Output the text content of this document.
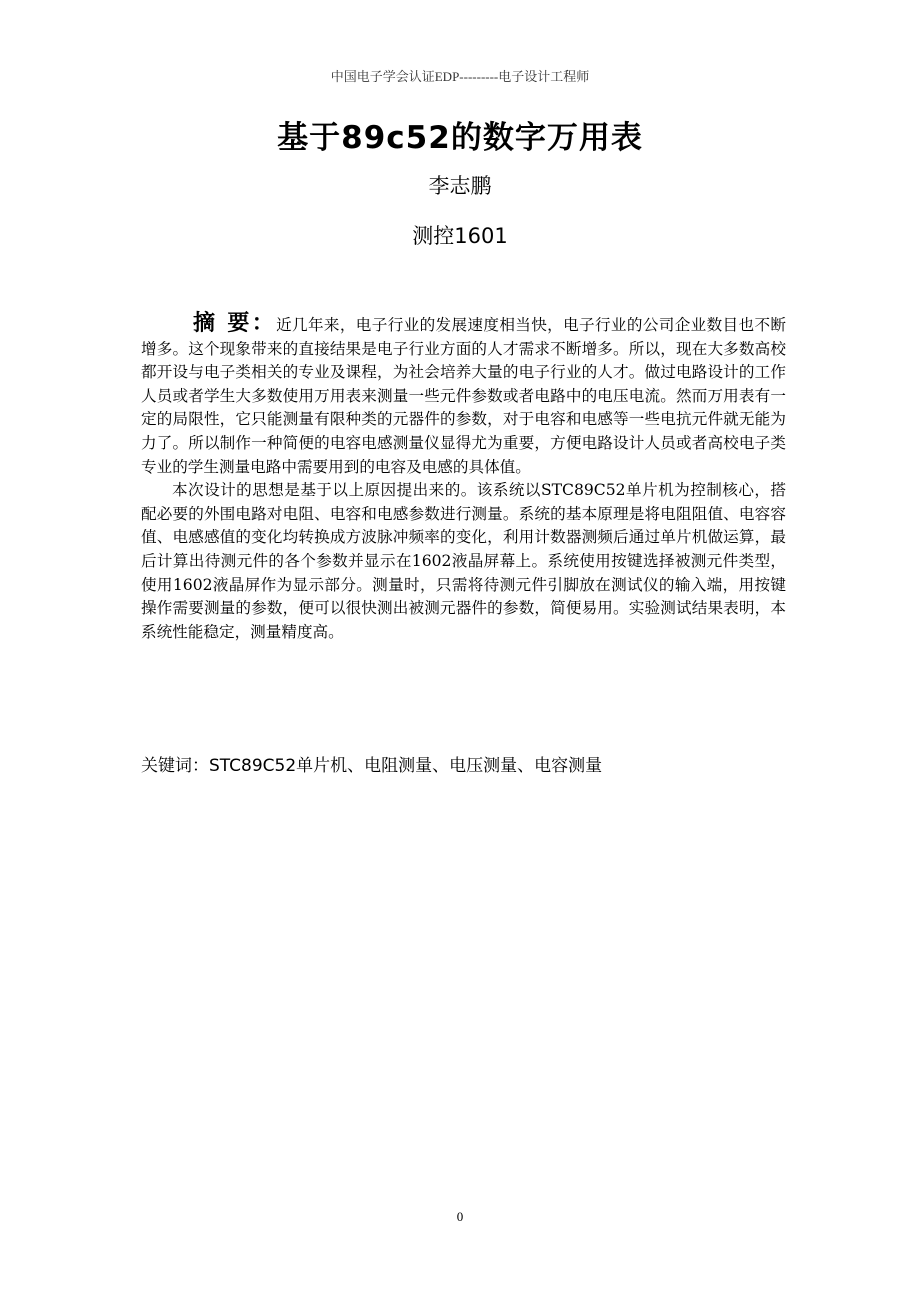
中国电子学会认证EDP---------电子设计工程师
基于89c52的数字万用表
李志鹏
测控1601

摘 要：近几年来，电子行业的发展速度相当快，电子行业的公司企业数目也不断增多。这个现象带来的直接结果是电子行业方面的人才需求不断增多。所以，现在大多数高校都开设与电子类相关的专业及课程，为社会培养大量的电子行业的人才。做过电路设计的工作人员或者学生大多数使用万用表来测量一些元件参数或者电路中的电压电流。然而万用表有一定的局限性，它只能测量有限种类的元器件的参数，对于电容和电感等一些电抗元件就无能为力了。所以制作一种简便的电容电感测量仪显得尤为重要，方便电路设计人员或者高校电子类专业的学生测量电路中需要用到的电容及电感的具体值。

本次设计的思想是基于以上原因提出来的。该系统以STC89C52单片机为控制核心，搭配必要的外围电路对电阻、电容和电感参数进行测量。系统的基本原理是将电阻阻值、电容容值、电感感值的变化均转换成方波脉冲频率的变化，利用计数器测频后通过单片机做运算，最后计算出待测元件的各个参数并显示在1602液晶屏幕上。系统使用按键选择被测元件类型，使用1602液晶屏作为显示部分。测量时，只需将待测元件引脚放在测试仪的输入端，用按键操作需要测量的参数，便可以很快测出被测元器件的参数，简便易用。实验测试结果表明，本系统性能稳定，测量精度高。

关键词：STC89C52单片机、电阻测量、电压测量、电容测量
0
